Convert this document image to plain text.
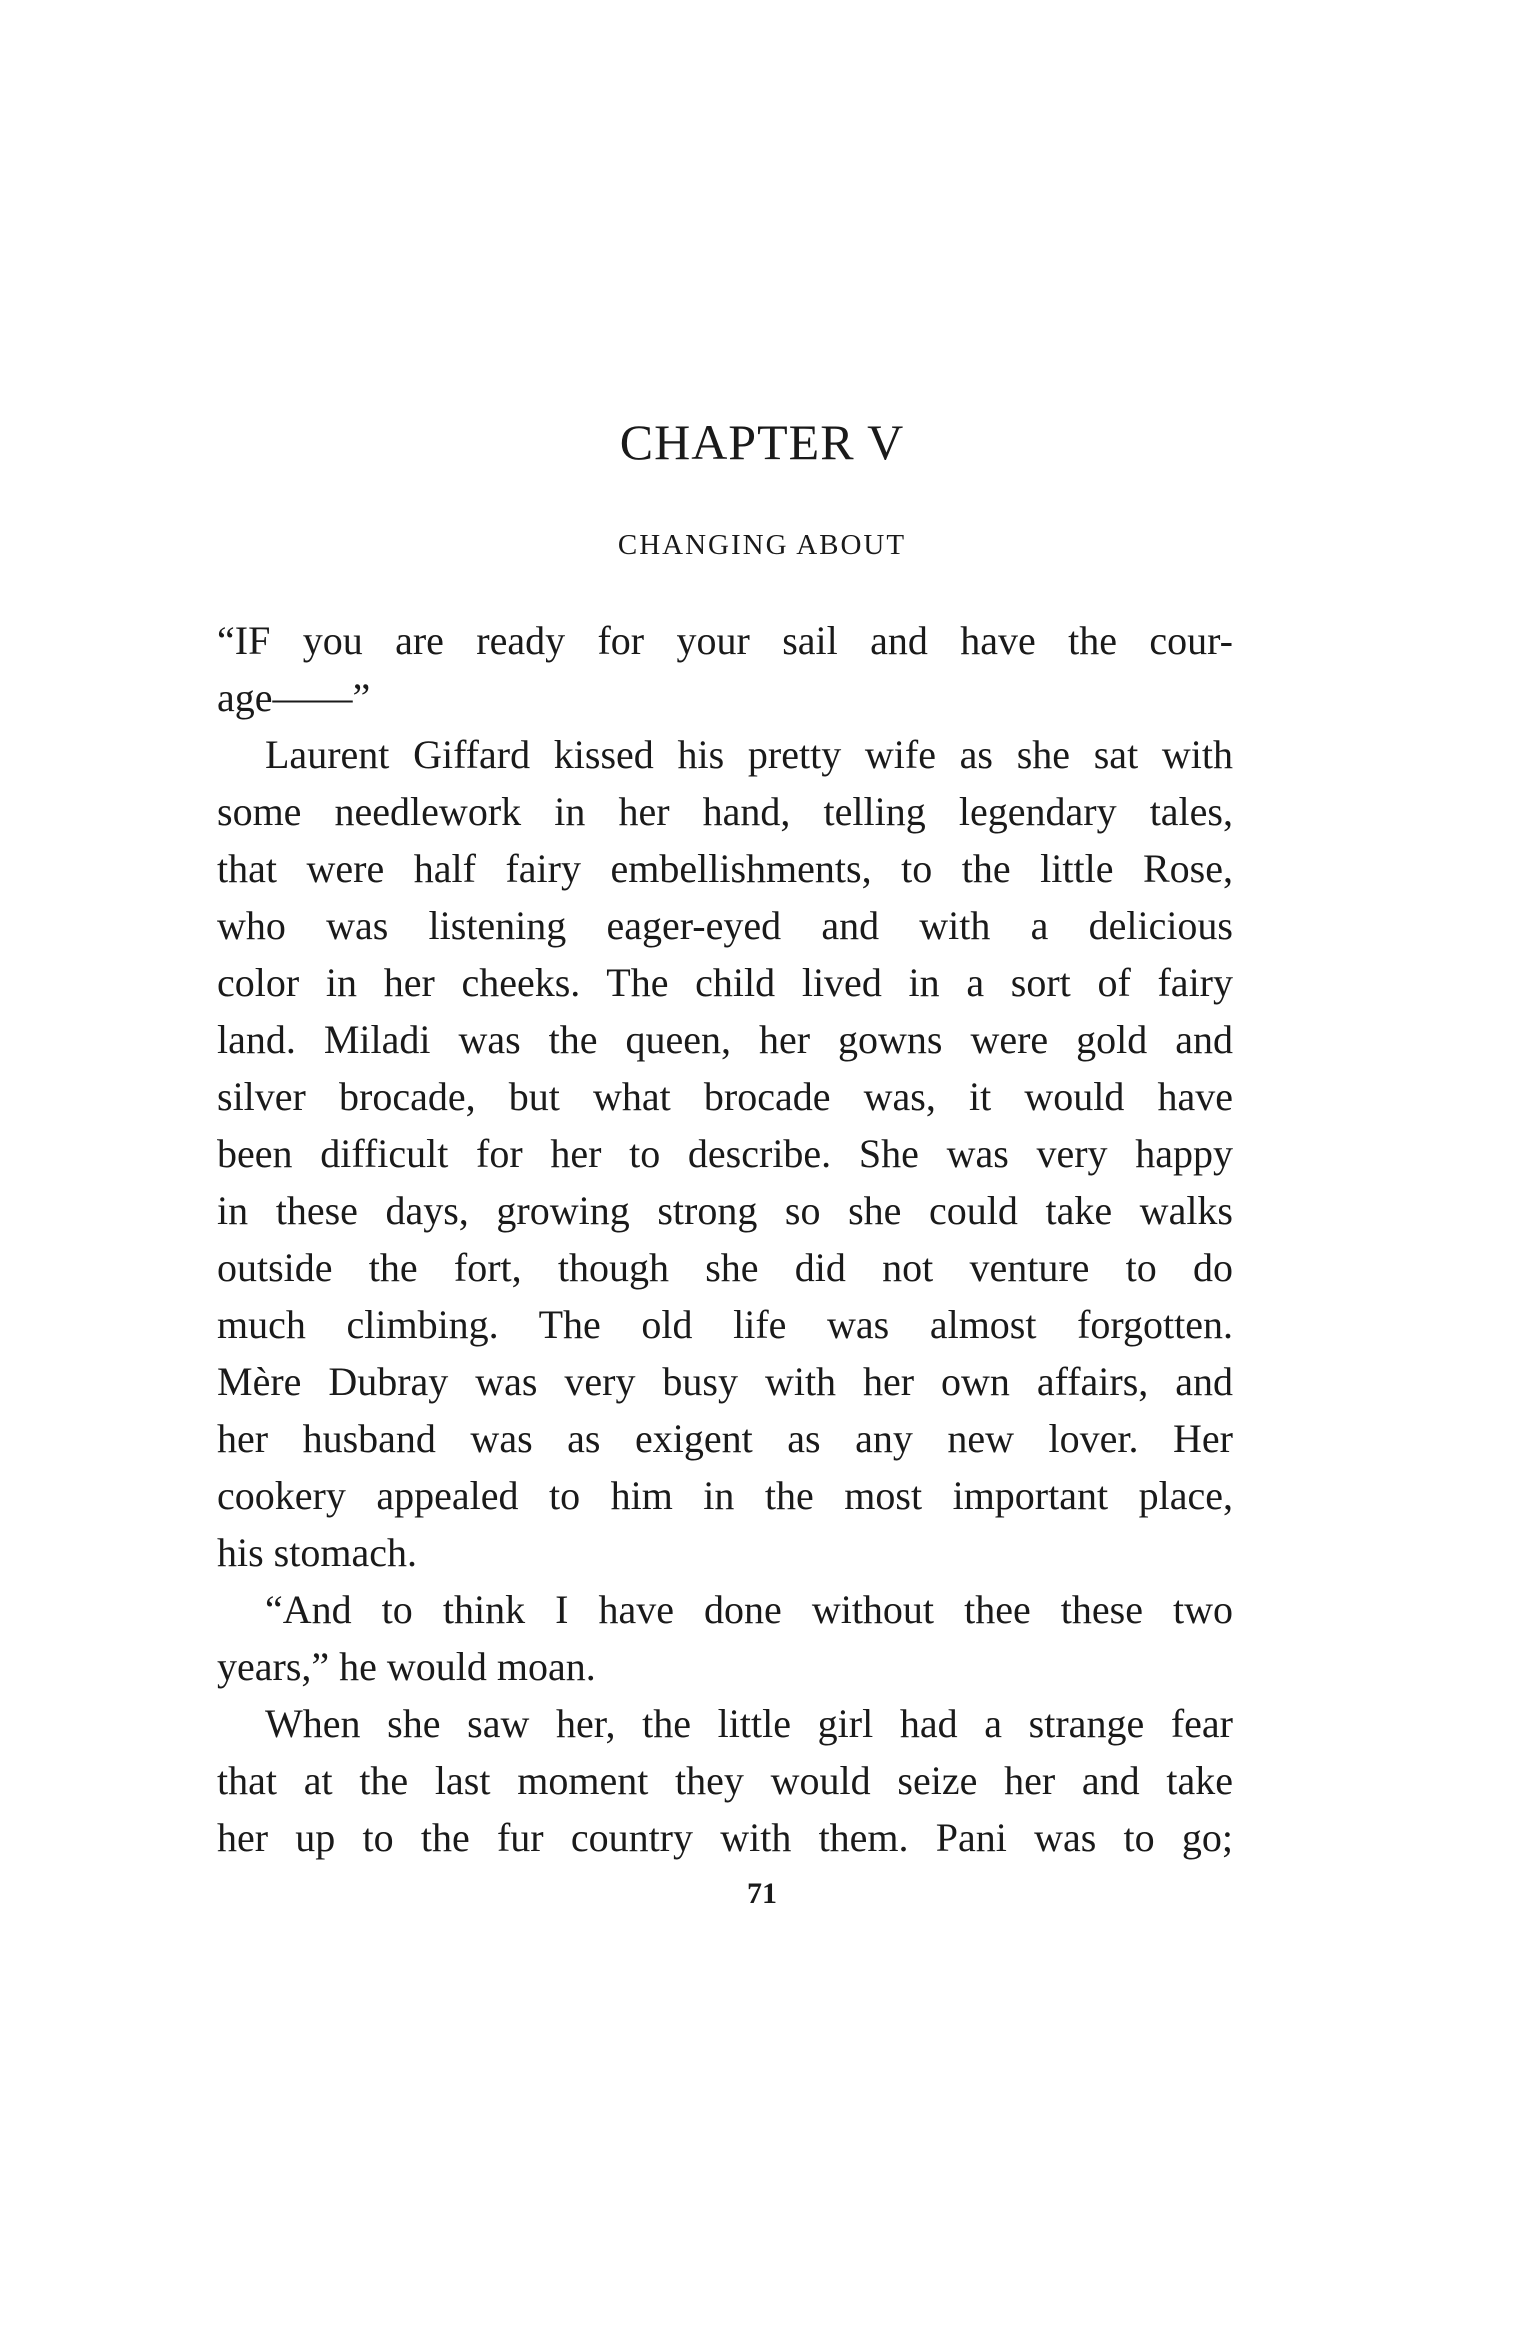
CHAPTER V
CHANGING ABOUT
“IF you are ready for your sail and have the cour-
age——”
Laurent Giffard kissed his pretty wife as she sat with
some needlework in her hand, telling legendary tales,
that were half fairy embellishments, to the little Rose,
who was listening eager-eyed and with a delicious
color in her cheeks. The child lived in a sort of fairy
land. Miladi was the queen, her gowns were gold and
silver brocade, but what brocade was, it would have
been difficult for her to describe. She was very happy
in these days, growing strong so she could take walks
outside the fort, though she did not venture to do
much climbing. The old life was almost forgotten.
Mère Dubray was very busy with her own affairs, and
her husband was as exigent as any new lover. Her
cookery appealed to him in the most important place,
his stomach.
“And to think I have done without thee these two
years,” he would moan.
When she saw her, the little girl had a strange fear
that at the last moment they would seize her and take
her up to the fur country with them. Pani was to go;
71
